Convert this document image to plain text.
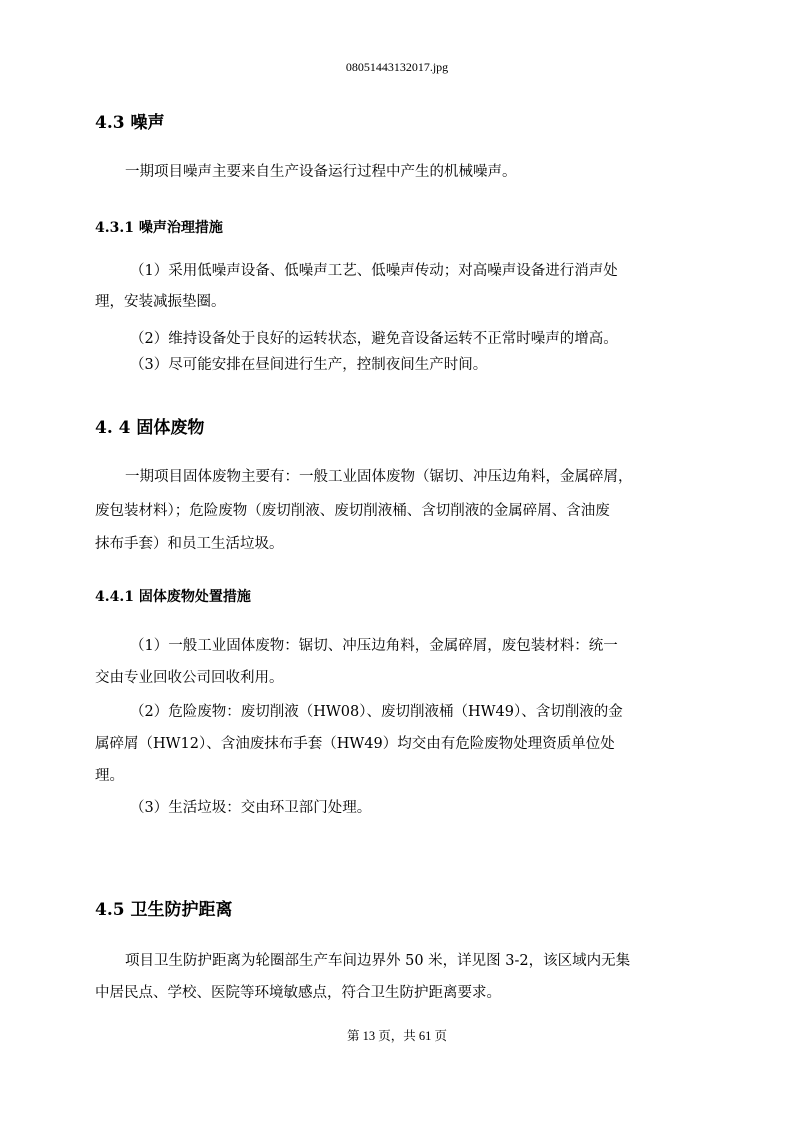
08051443132017.jpg
4.3 噪声
一期项目噪声主要来自生产设备运行过程中产生的机械噪声。
4.3.1 噪声治理措施
（1）采用低噪声设备、低噪声工艺、低噪声传动；对高噪声设备进行消声处
理，安装减振垫圈。
（2）维持设备处于良好的运转状态，避免音设备运转不正常时噪声的增高。
（3）尽可能安排在昼间进行生产，控制夜间生产时间。
4. 4 固体废物
一期项目固体废物主要有：一般工业固体废物（锯切、冲压边角料，金属碎屑，
废包装材料）；危险废物（废切削液、废切削液桶、含切削液的金属碎屑、含油废
抹布手套）和员工生活垃圾。
4.4.1 固体废物处置措施
（1）一般工业固体废物：锯切、冲压边角料，金属碎屑，废包装材料：统一
交由专业回收公司回收利用。
（2）危险废物：废切削液（HW08）、废切削液桶（HW49）、含切削液的金
属碎屑（HW12）、含油废抹布手套（HW49）均交由有危险废物处理资质单位处
理。
（3）生活垃圾：交由环卫部门处理。
4.5 卫生防护距离
项目卫生防护距离为轮圈部生产车间边界外 50 米，详见图 3-2，该区域内无集
中居民点、学校、医院等环境敏感点，符合卫生防护距离要求。
第 13 页，共 61 页
